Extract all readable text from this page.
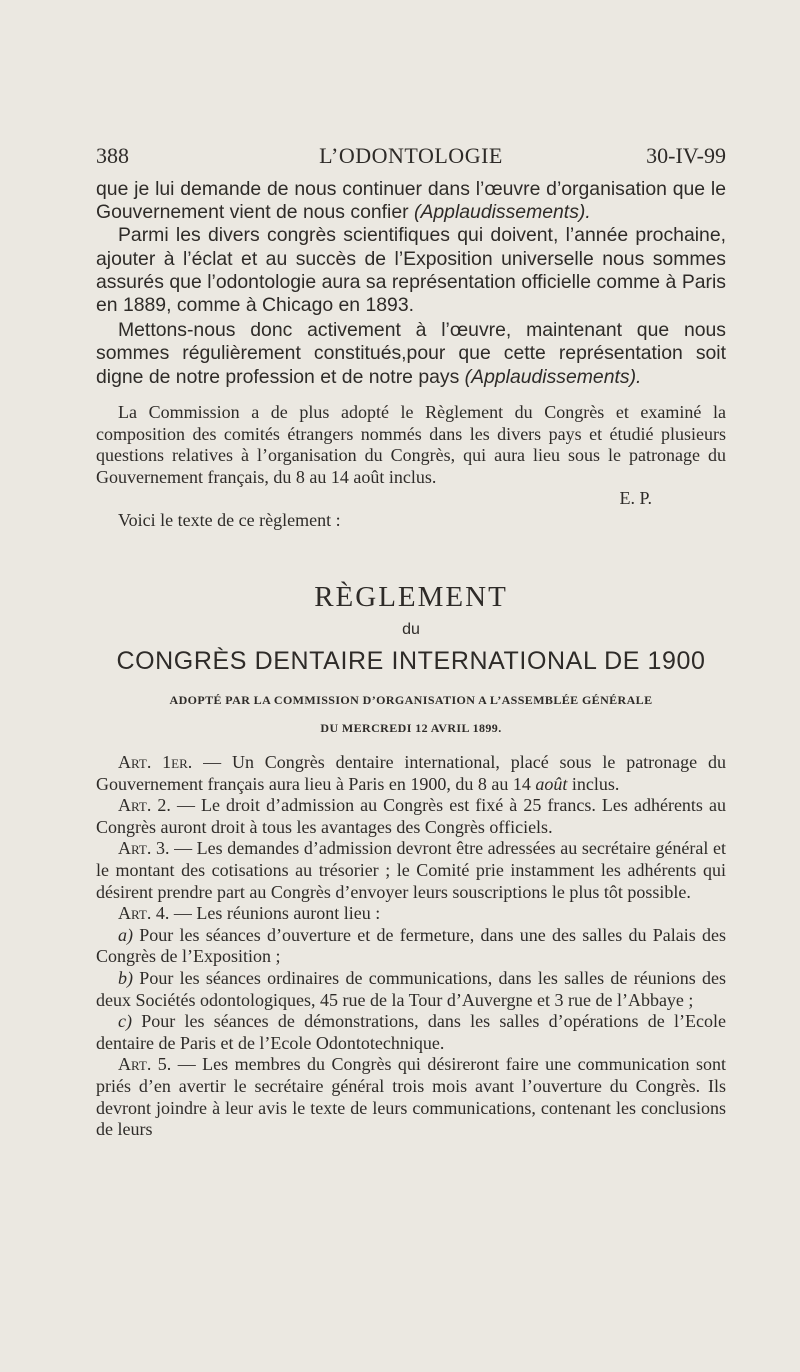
388	L’ODONTOLOGIE	30-IV-99

que je lui demande de nous continuer dans l’œuvre d’organisation que le Gouvernement vient de nous confier (Applaudissements).

Parmi les divers congrès scientifiques qui doivent, l’année prochaine, ajouter à l’éclat et au succès de l’Exposition universelle nous sommes assurés que l’odontologie aura sa représentation officielle comme à Paris en 1889, comme à Chicago en 1893.

Mettons-nous donc activement à l’œuvre, maintenant que nous sommes régulièrement constitués,pour que cette représentation soit digne de notre profession et de notre pays (Applaudissements).

La Commission a de plus adopté le Règlement du Congrès et examiné la composition des comités étrangers nommés dans les divers pays et étudié plusieurs questions relatives à l’organisation du Congrès, qui aura lieu sous le patronage du Gouvernement français, du 8 au 14 août inclus.

E. P.

Voici le texte de ce règlement :

RÈGLEMENT
du
CONGRÈS DENTAIRE INTERNATIONAL DE 1900
ADOPTÉ PAR LA COMMISSION D’ORGANISATION A L’ASSEMBLÉE GÉNÉRALE
DU MERCREDI 12 AVRIL 1899.

Art. 1er. — Un Congrès dentaire international, placé sous le patronage du Gouvernement français aura lieu à Paris en 1900, du 8 au 14 août inclus.

Art. 2. — Le droit d’admission au Congrès est fixé à 25 francs. Les adhérents au Congrès auront droit à tous les avantages des Congrès officiels.

Art. 3. — Les demandes d’admission devront être adressées au secrétaire général et le montant des cotisations au trésorier ; le Comité prie instamment les adhérents qui désirent prendre part au Congrès d’envoyer leurs souscriptions le plus tôt possible.

Art. 4. — Les réunions auront lieu :

a) Pour les séances d’ouverture et de fermeture, dans une des salles du Palais des Congrès de l’Exposition ;

b) Pour les séances ordinaires de communications, dans les salles de réunions des deux Sociétés odontologiques, 45 rue de la Tour d’Auvergne et 3 rue de l’Abbaye ;

c) Pour les séances de démonstrations, dans les salles d’opérations de l’Ecole dentaire de Paris et de l’Ecole Odontotechnique.

Art. 5. — Les membres du Congrès qui désireront faire une communication sont priés d’en avertir le secrétaire général trois mois avant l’ouverture du Congrès. Ils devront joindre à leur avis le texte de leurs communications, contenant les conclusions de leurs
